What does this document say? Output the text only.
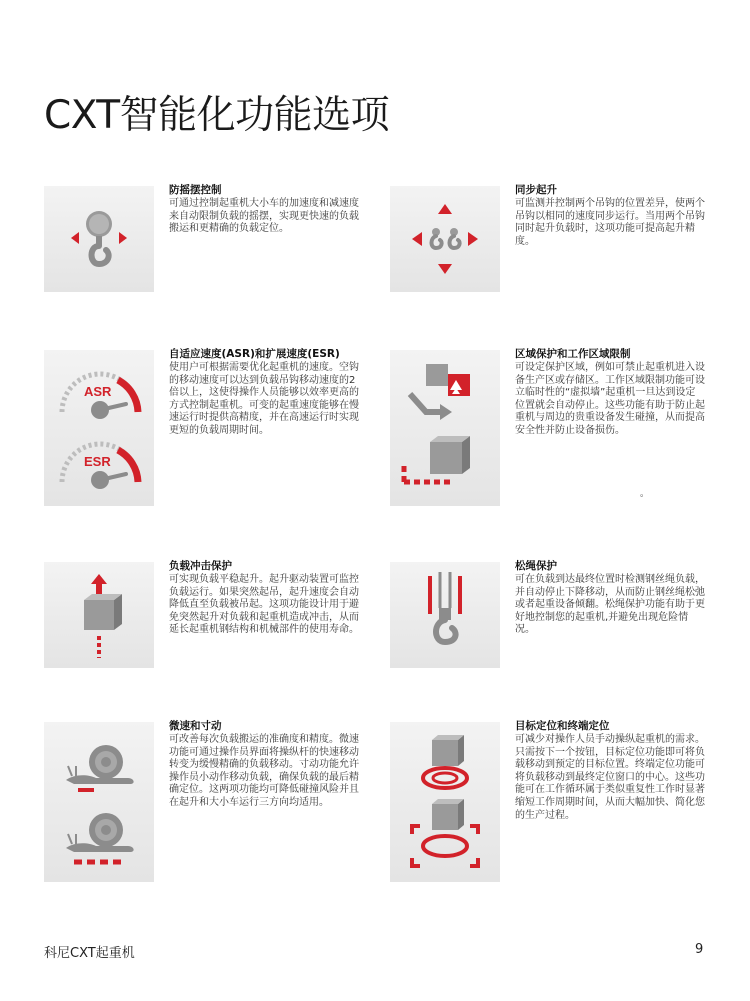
CXT智能化功能选项
防摇摆控制

可通过控制起重机大小车的加速度和减速度来自动限制负载的摇摆，实现更快速的负载搬运和更精确的负载定位。

同步起升

可监测并控制两个吊钩的位置差异，使两个吊钩以相同的速度同步运行。当用两个吊钩同时起升负载时，这项功能可提高起升精度。

ASR
ESR
自适应速度(ASR)和扩展速度(ESR)

使用户可根据需要优化起重机的速度。空钩的移动速度可以达到负载吊钩移动速度的2倍以上，这使得操作人员能够以效率更高的方式控制起重机。可变的起重速度能够在慢速运行时提供高精度，并在高速运行时实现更短的负载周期时间。

区域保护和工作区域限制

可设定保护区域，例如可禁止起重机进入设备生产区或存储区。工作区域限制功能可设立临时性的“虚拟墙”起重机一旦达到设定位置就会自动停止。这些功能有助于防止起重机与周边的贵重设备发生碰撞，从而提高安全性并防止设备损伤。

。
负载冲击保护

可实现负载平稳起升。起升驱动装置可监控负载运行。如果突然起吊，起升速度会自动降低直至负载被吊起。这项功能设计用于避免突然起升对负载和起重机造成冲击，从而延长起重机钢结构和机械部件的使用寿命。

松绳保护

可在负载到达最终位置时检测钢丝绳负载，并自动停止下降移动，从而防止钢丝绳松弛或者起重设备倾翻。松绳保护功能有助于更好地控制您的起重机,并避免出现危险情况。

微速和寸动

可改善每次负载搬运的准确度和精度。微速功能可通过操作员界面将操纵杆的快速移动转变为缓慢精确的负载移动。寸动功能允许操作员小动作移动负载，确保负载的最后精确定位。这两项功能均可降低碰撞风险并且在起升和大小车运行三方向均适用。

目标定位和终端定位

可减少对操作人员手动操纵起重机的需求。只需按下一个按钮，目标定位功能即可将负载移动到预定的目标位置。终端定位功能可将负载移动到最终定位窗口的中心。这些功能可在工作循环属于类似重复性工作时显著缩短工作周期时间，从而大幅加快、简化您的生产过程。

科尼CXT起重机	9
